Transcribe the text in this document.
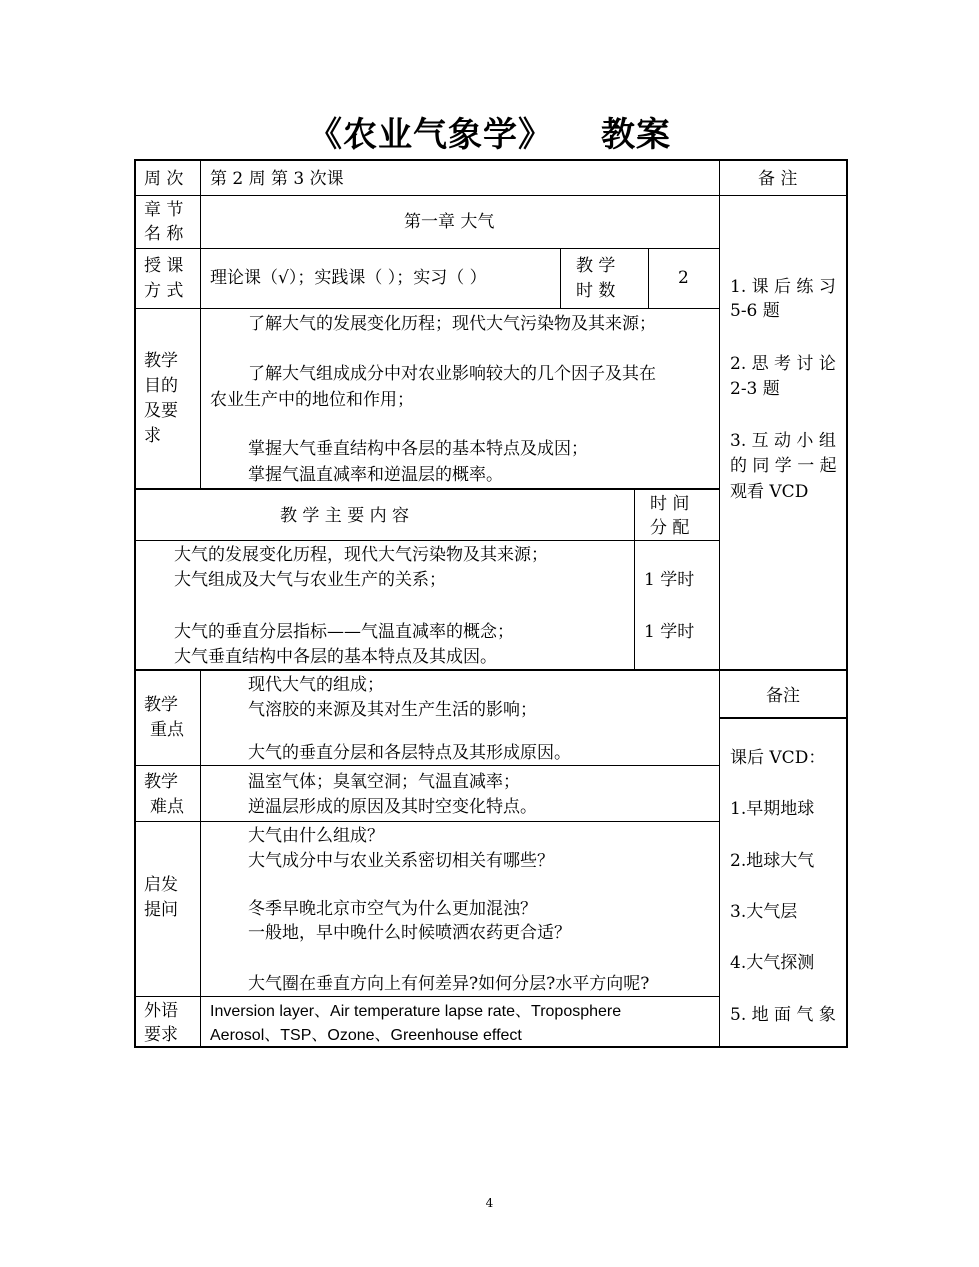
《农业气象学》 教案
周 次 第 2 周 第 3 次课	备 注
章 节
名 称
第一章 大气
授 课
方 式
理论课（√）；实践课（ ）；实习（ ）
教 学
时 数
2
教学
目的
及要
求
了解大气的发展变化历程；现代大气污染物及其来源；
了解大气组成成分中对农业影响较大的几个因子及其在
农业生产中的地位和作用；
掌握大气垂直结构中各层的基本特点及成因；
掌握气温直减率和逆温层的概率。
教 学 主 要 内 容
时 间
分 配
大气的发展变化历程，现代大气污染物及其来源；
大气组成及大气与农业生产的关系；
大气的垂直分层指标——气温直减率的概念；
大气垂直结构中各层的基本特点及其成因。
1 学时
1 学时
1. 课 后 练 习
5-6 题
2. 思 考 讨 论
2-3 题
3. 互 动 小 组
的 同 学 一 起
观看 VCD
教学
重点
现代大气的组成；
气溶胶的来源及其对生产生活的影响；
大气的垂直分层和各层特点及其形成原因。
备注
教学
难点
温室气体；臭氧空洞；气温直减率；
逆温层形成的原因及其时空变化特点。
启发
提问
大气由什么组成？
大气成分中与农业关系密切相关有哪些？
冬季早晚北京市空气为什么更加混浊？
一般地，早中晚什么时候喷洒农药更合适？
大气圈在垂直方向上有何差异?如何分层?水平方向呢?
课后 VCD：
1.早期地球
2.地球大气
3.大气层
4.大气探测
5. 地 面 气 象
外语
要求
Inversion layer、Air temperature lapse rate、Troposphere
Aerosol、TSP、Ozone、Greenhouse effect
4
